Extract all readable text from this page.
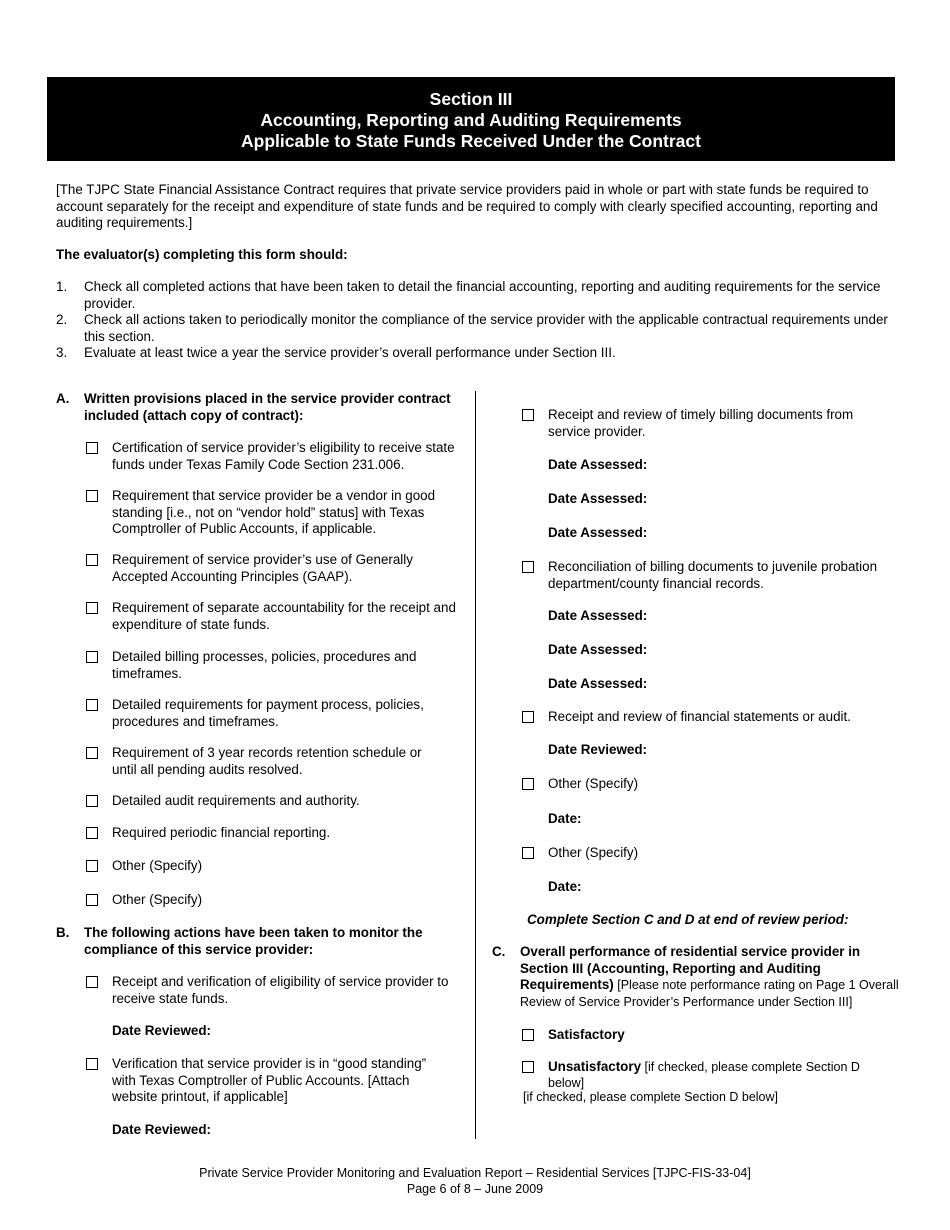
Section III
Accounting, Reporting and Auditing Requirements
Applicable to State Funds Received Under the Contract
[The TJPC State Financial Assistance Contract requires that private service providers paid in whole or part with state funds be required to account separately for the receipt and expenditure of state funds and be required to comply with clearly specified accounting, reporting and auditing requirements.]
The evaluator(s) completing this form should:
1.	Check all completed actions that have been taken to detail the financial accounting, reporting and auditing requirements for the service provider.
2.	Check all actions taken to periodically monitor the compliance of the service provider with the applicable contractual requirements under this section.
3.	Evaluate at least twice a year the service provider’s overall performance under Section III.
A.	Written provisions placed in the service provider contract included (attach copy of contract):
Certification of service provider’s eligibility to receive state funds under Texas Family Code Section 231.006.
Requirement that service provider be a vendor in good standing [i.e., not on “vendor hold” status] with Texas Comptroller of Public Accounts, if applicable.
Requirement of service provider’s use of Generally Accepted Accounting Principles (GAAP).
Requirement of separate accountability for the receipt and expenditure of state funds.
Detailed billing processes, policies, procedures and timeframes.
Detailed requirements for payment process, policies, procedures and timeframes.
Requirement of 3 year records retention schedule or until all pending audits resolved.
Detailed audit requirements and authority.
Required periodic financial reporting.
Other (Specify)
Other (Specify)
B.	The following actions have been taken to monitor the compliance of this service provider:
Receipt and verification of eligibility of service provider to receive state funds.
Date Reviewed:
Verification that service provider is in “good standing” with Texas Comptroller of Public Accounts. [Attach website printout, if applicable]
Date Reviewed:
Receipt and review of timely billing documents from service provider.
Date Assessed:
Date Assessed:
Date Assessed:
Reconciliation of billing documents to juvenile probation department/county financial records.
Date Assessed:
Date Assessed:
Date Assessed:
Receipt and review of financial statements or audit.
Date Reviewed:
Other (Specify)
Date:
Other (Specify)
Date:
Complete Section C and D at end of review period:
C.	Overall performance of residential service provider in Section III (Accounting, Reporting and Auditing Requirements) [Please note performance rating on Page 1 Overall Review of Service Provider’s Performance under Section III]
Satisfactory
Unsatisfactory [if checked, please complete Section D below]
[if checked, please complete Section D below]
Private Service Provider Monitoring and Evaluation Report – Residential Services [TJPC-FIS-33-04]
Page 6 of 8 – June 2009
